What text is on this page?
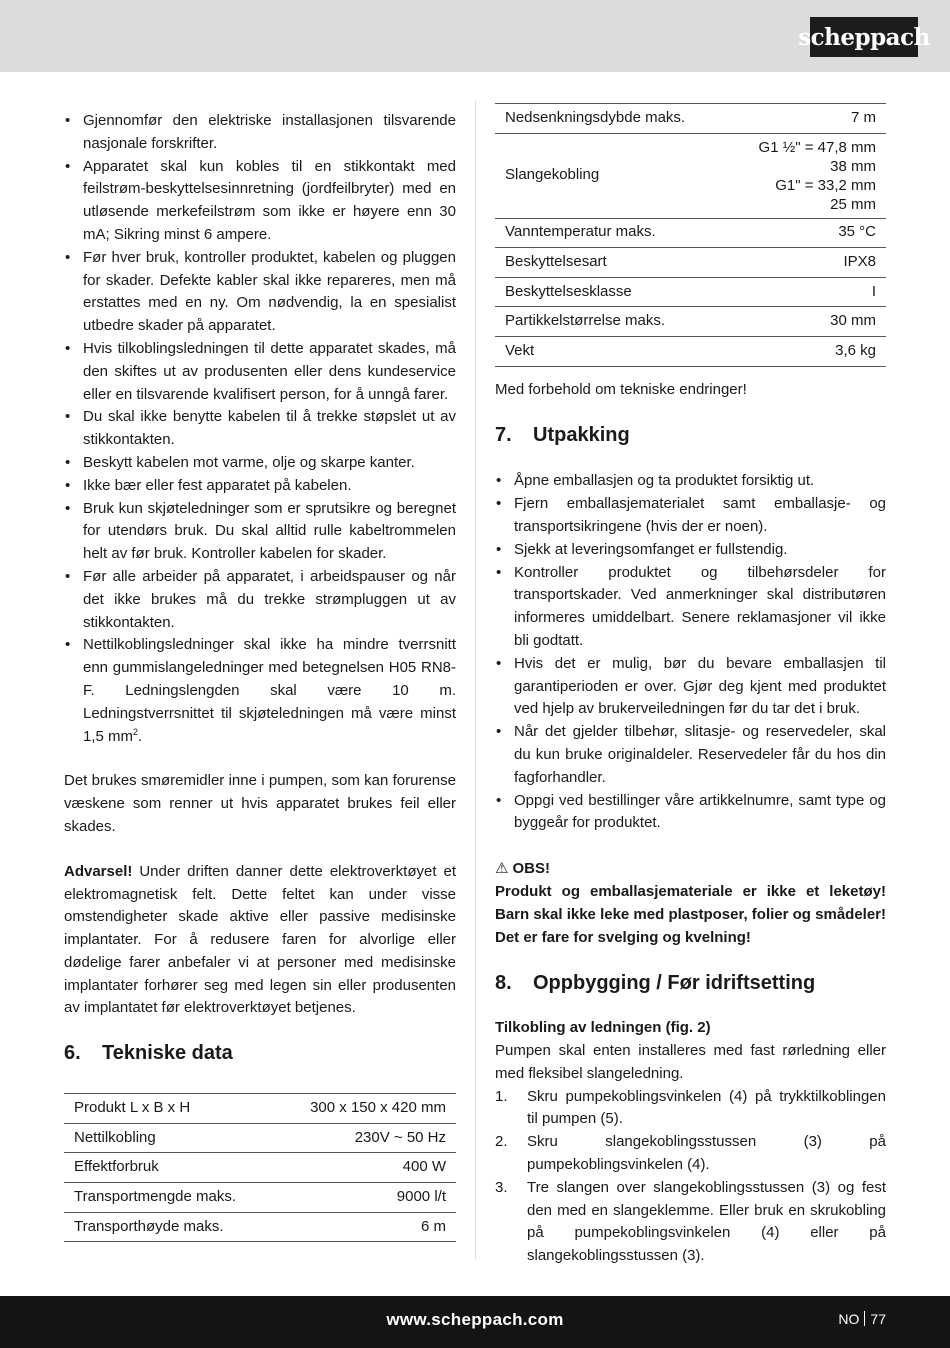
scheppach
• Gjennomfør den elektriske installasjonen tilsvarende nasjonale forskrifter.
• Apparatet skal kun kobles til en stikkontakt med feilstrøm-beskyttelsesinnretning (jordfeilbryter) med en utløsende merkefeilstrøm som ikke er høyere enn 30 mA; Sikring minst 6 ampere.
• Før hver bruk, kontroller produktet, kabelen og pluggen for skader. Defekte kabler skal ikke repareres, men må erstattes med en ny. Om nødvendig, la en spesialist utbedre skader på apparatet.
• Hvis tilkoblingsledningen til dette apparatet skades, må den skiftes ut av produsenten eller dens kundeservice eller en tilsvarende kvalifisert person, for å unngå farer.
• Du skal ikke benytte kabelen til å trekke støpslet ut av stikkontakten.
• Beskytt kabelen mot varme, olje og skarpe kanter.
• Ikke bær eller fest apparatet på kabelen.
• Bruk kun skjøteledninger som er sprutsikre og beregnet for utendørs bruk. Du skal alltid rulle kabeltrommelen helt av før bruk. Kontroller kabelen for skader.
• Før alle arbeider på apparatet, i arbeidspauser og når det ikke brukes må du trekke strømpluggen ut av stikkontakten.
• Nettilkoblingsledninger skal ikke ha mindre tverrsnitt enn gummislangeledninger med betegnelsen H05 RN8-F. Ledningslengden skal være 10 m. Ledningstverrsnittet til skjøteledningen må være minst 1,5 $mm^2$.

Det brukes smøremidler inne i pumpen, som kan forurense væskene som renner ut hvis apparatet brukes feil eller skades.

Advarsel! Under driften danner dette elektroverktøyet et elektromagnetisk felt. Dette feltet kan under visse omstendigheter skade aktive eller passive medisinske implantater. For å redusere faren for alvorlige eller dødelige farer anbefaler vi at personer med medisinske implantater forhører seg med legen sin eller produsenten av implantatet før elektroverktøyet betjenes.

6. Tekniske data
Produkt L x B x H	300 x 150 x 420 mm
Nettilkobling	230V ~ 50 Hz
Effektforbruk	400 W
Transportmengde maks.	9000 l/t
Transporthøyde maks.	6 m
Nedsenkningsdybde maks.	7 m
Slangekobling	G1 ½" = 47,8 mm
38 mm
G1" = 33,2 mm
25 mm

Vanntemperatur maks.	35 °C
Beskyttelsesart	IPX8
Beskyttelsesklasse	I
Partikkelstørrelse maks.	30 mm
Vekt	3,6 kg

Med forbehold om tekniske endringer!

7. Utpakking
• Åpne emballasjen og ta produktet forsiktig ut.
• Fjern emballasjematerialet samt emballasje- og transportsikringene (hvis der er noen).
• Sjekk at leveringsomfanget er fullstendig.
• Kontroller produktet og tilbehørsdeler for transportskader. Ved anmerkninger skal distributøren informeres umiddelbart. Senere reklamasjoner vil ikke bli godtatt.
• Hvis det er mulig, bør du bevare emballasjen til garantiperioden er over. Gjør deg kjent med produktet ved hjelp av brukerveiledningen før du tar det i bruk.
• Når det gjelder tilbehør, slitasje- og reservedeler, skal du kun bruke originaldeler. Reservedeler får du hos din fagforhandler.
• Oppgi ved bestillinger våre artikkelnumre, samt type og byggeår for produktet.

⚠ OBS!

Produkt og emballasjemateriale er ikke et leketøy! Barn skal ikke leke med plastposer, folier og smådeler! Det er fare for svelging og kvelning!

8. Oppbygging / Før idriftsetting

Tilkobling av ledningen (fig. 2)

Pumpen skal enten installeres med fast rørledning eller med fleksibel slangeledning.

1. Skru pumpekoblingsvinkelen (4) på trykktilkoblingen til pumpen (5).
2. Skru slangekoblingsstussen (3) på pumpekoblingsvinkelen (4).
3. Tre slangen over slangekoblingsstussen (3) og fest den med en slangeklemme. Eller bruk en skrukobling på pumpekoblingsvinkelen (4) eller på slangekoblingsstussen (3).
www.scheppach.com	NO 77
